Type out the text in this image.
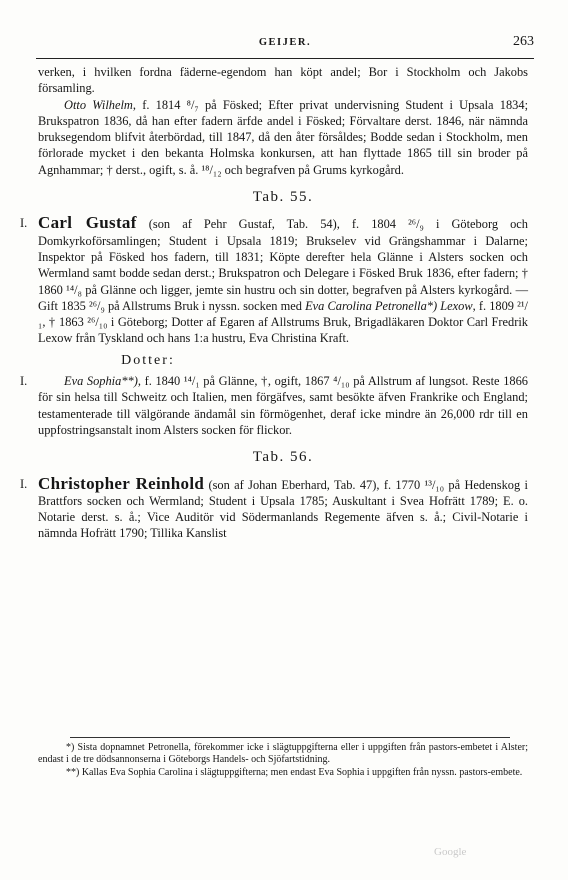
GEIJER.	263

verken, i hvilken fordna fäderne-egendom han köpt andel; Bor i Stockholm och Jakobs församling.

Otto Wilhelm, f. 1814 ⁸/₇ på Fösked; Efter privat undervisning Student i Upsala 1834; Brukspatron 1836, då han efter fadern ärfde andel i Fösked; Förvaltare derst. 1846, när nämnda bruksegendom blifvit återbördad, till 1847, då den åter försåldes; Bodde sedan i Stockholm, men förlorade mycket i den bekanta Holmska konkursen, att han flyttade 1865 till sin broder på Agnhammar; † derst., ogift, s. å. ¹⁸/₁₂ och begrafven på Grums kyrkogård.

Tab. 55.
I. Carl Gustaf (son af Pehr Gustaf, Tab. 54), f. 1804 ²⁶/₉ i Göteborg och Domkyrkoförsamlingen; Student i Upsala 1819; Brukselev vid Grängshammar i Dalarne; Inspektor på Fösked hos fadern, till 1831; Köpte derefter hela Glänne i Alsters socken och Wermland samt bodde sedan derst.; Brukspatron och Delegare i Fösked Bruk 1836, efter fadern; † 1860 ¹⁴/₈ på Glänne och ligger, jemte sin hustru och sin dotter, begrafven på Alsters kyrkogård. — Gift 1835 ²⁶/₉ på Allstrums Bruk i nyssn. socken med Eva Carolina Petronella*) Lexow, f. 1809 ²¹/₁, † 1863 ²⁶/₁₀ i Göteborg; Dotter af Egaren af Allstrums Bruk, Brigadläkaren Doktor Carl Fredrik Lexow från Tyskland och hans 1:a hustru, Eva Christina Kraft.

Dotter:
I.	Eva Sophia**), f. 1840 ¹⁴/₁ på Glänne, †, ogift, 1867 ⁴/₁₀ på Allstrum af lungsot. Reste 1866 för sin helsa till Schweitz och Italien, men förgäfves, samt besökte äfven Frankrike och England; testamenterade till välgörande ändamål sin förmögenhet, deraf icke mindre än 26,000 rdr till en uppfostringsanstalt inom Alsters socken för flickor.

Tab. 56.
I. Christopher Reinhold (son af Johan Eberhard, Tab. 47), f. 1770 ¹³/₁₀ på Hedenskog i Brattfors socken och Wermland; Student i Upsala 1785; Auskultant i Svea Hofrätt 1789; E. o. Notarie derst. s. å.; Vice Auditör vid Södermanlands Regemente äfven s. å.; Civil-Notarie i nämnda Hofrätt 1790; Tillika Kanslist

*) Sista dopnamnet Petronella, förekommer icke i slägtuppgifterna eller i uppgiften från pastors-embetet i Alster; endast i de tre dödsannonserna i Göteborgs Handels- och Sjöfartstidning.

**) Kallas Eva Sophia Carolina i slägtuppgifterna; men endast Eva Sophia i uppgiften från nyssn. pastors-embete.

Google
